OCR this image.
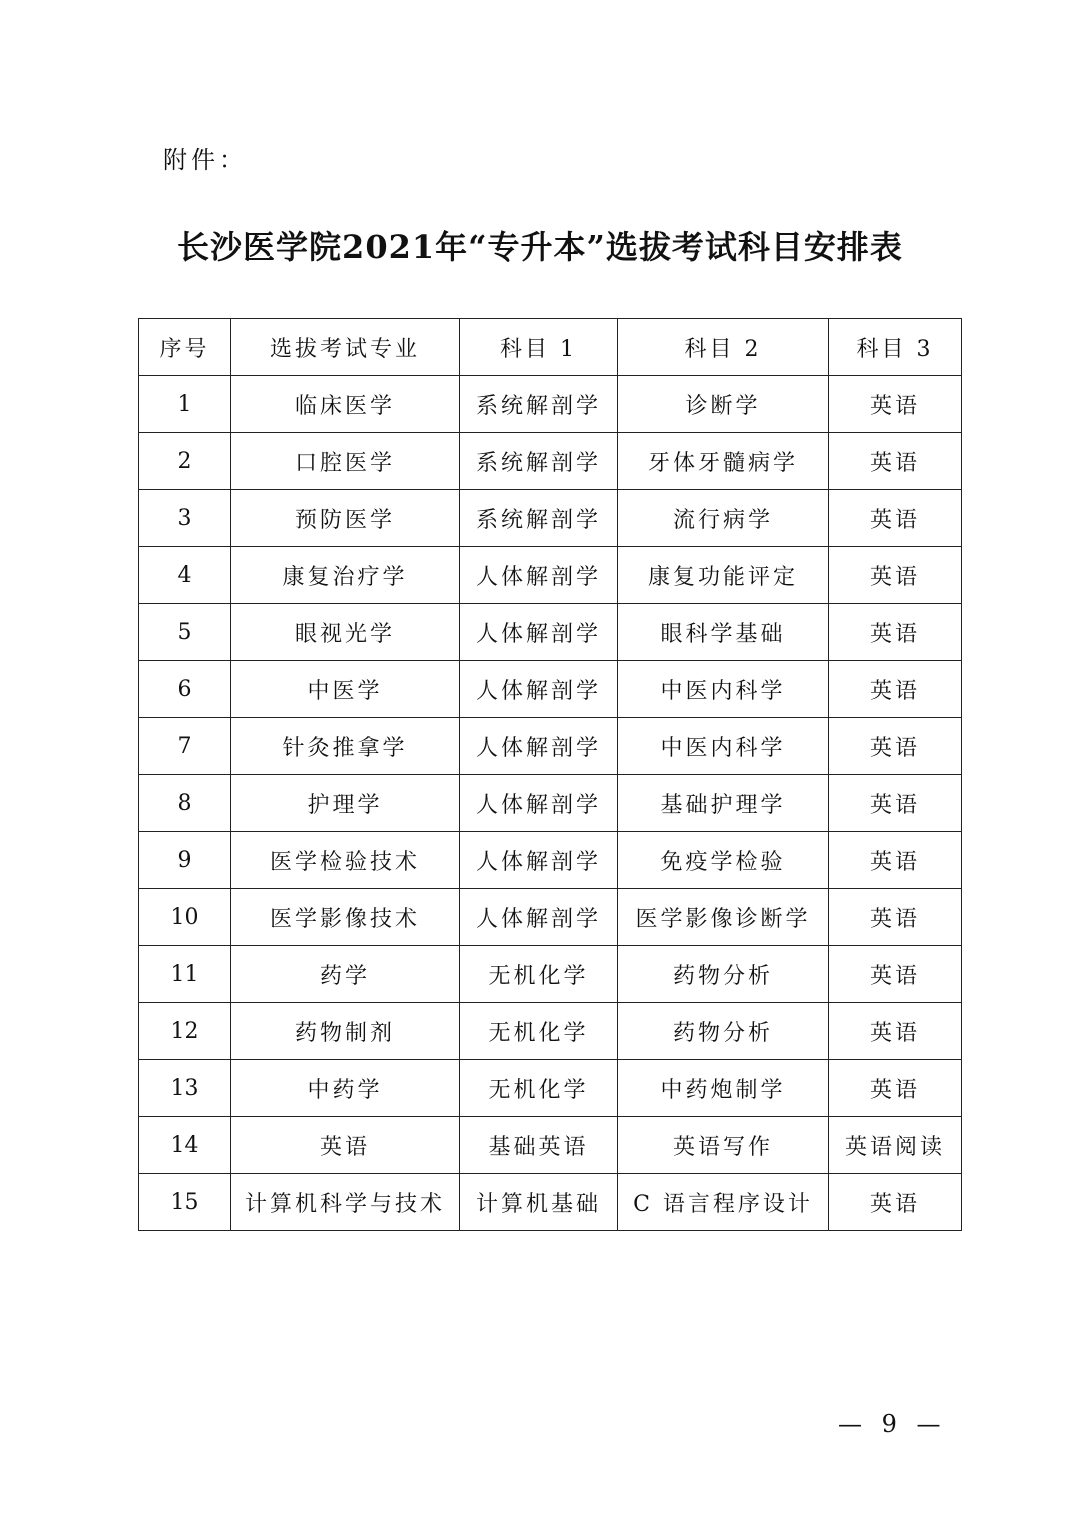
附件：
长沙医学院2021年“专升本”选拔考试科目安排表
序号	选拔考试专业	科目 1	科目 2	科目 3
1	临床医学	系统解剖学	诊断学	英语
2	口腔医学	系统解剖学	牙体牙髓病学	英语
3	预防医学	系统解剖学	流行病学	英语
4	康复治疗学	人体解剖学	康复功能评定	英语
5	眼视光学	人体解剖学	眼科学基础	英语
6	中医学	人体解剖学	中医内科学	英语
7	针灸推拿学	人体解剖学	中医内科学	英语
8	护理学	人体解剖学	基础护理学	英语
9	医学检验技术	人体解剖学	免疫学检验	英语
10	医学影像技术	人体解剖学	医学影像诊断学	英语
11	药学	无机化学	药物分析	英语
12	药物制剂	无机化学	药物分析	英语
13	中药学	无机化学	中药炮制学	英语
14	英语	基础英语	英语写作	英语阅读
15	计算机科学与技术	计算机基础	C 语言程序设计	英语
— 9 —
